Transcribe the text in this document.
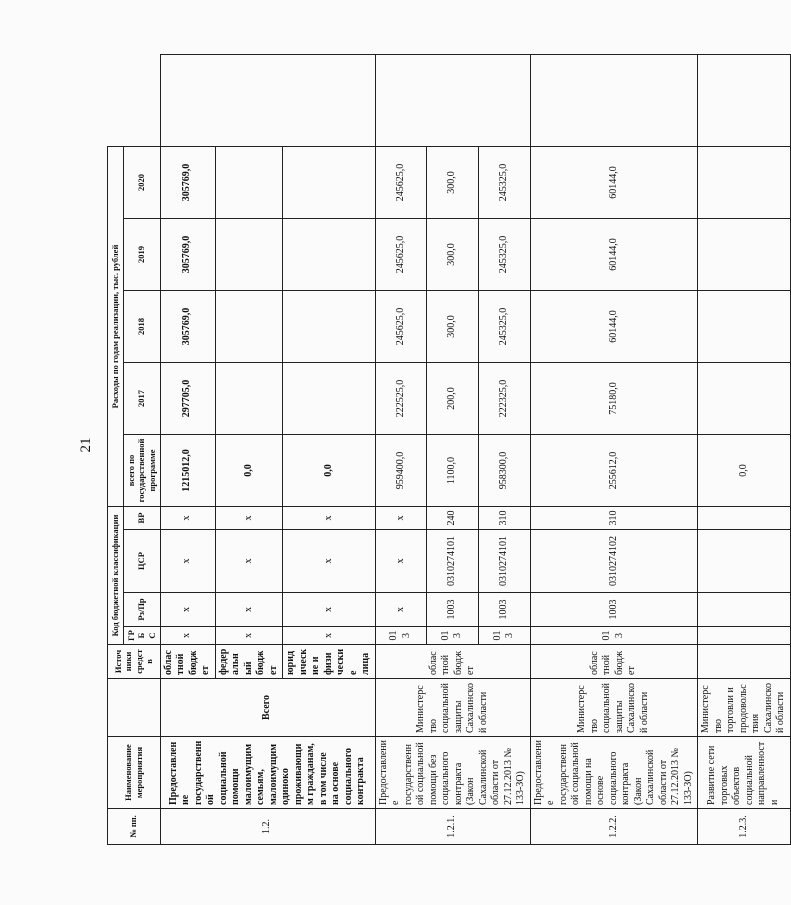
21
№ пп.	Наименование мероприятия		Источники средств	Код бюджетной классификации				Расходы по годам реализации, тыс. рублей					
				ГРБС	Рз/Пр	ЦСР	ВР	всего по государственной программе	2017	2018	2019	2020	
1.2.	Предоставление государственной социальной помощи малоимущим семьям, малоимущим одиноко проживающим гражданам, в том числе на основе социального контракта	Всего	областной бюджет	x	x	x	x	1215012,0	297705,0	305769,0	305769,0	305769,0	
			федеральный бюджет	x	x	x	x	0,0					
			юридические и физические лица	x	x	x	x	0,0					
1.2.1.	Предоставление государственной социальной помощи без социального контракта (Закон Сахалинской области от 27.12.2013 № 133-ЗО)	Министерство социальной защиты Сахалинской области	областной бюджет	013	x	x	x	959400,0	222525,0	245625,0	245625,0	245625,0	
				013	1003	0310274101	240	1100,0	200,0	300,0	300,0	300,0	
				013	1003	0310274101	310	958300,0	222325,0	245325,0	245325,0	245325,0	
1.2.2.	Предоставление государственной социальной помощи на основе социального контракта (Закон Сахалинской области от 27.12.2013 № 133-ЗО)	Министерство социальной защиты Сахалинской области	областной бюджет	013	1003	0310274102	310	255612,0	75180,0	60144,0	60144,0	60144,0	
1.2.3.	Развитие сети торговых объектов социальной направленности	Министерство торговли и продовольствия Сахалинской области						0,0					
